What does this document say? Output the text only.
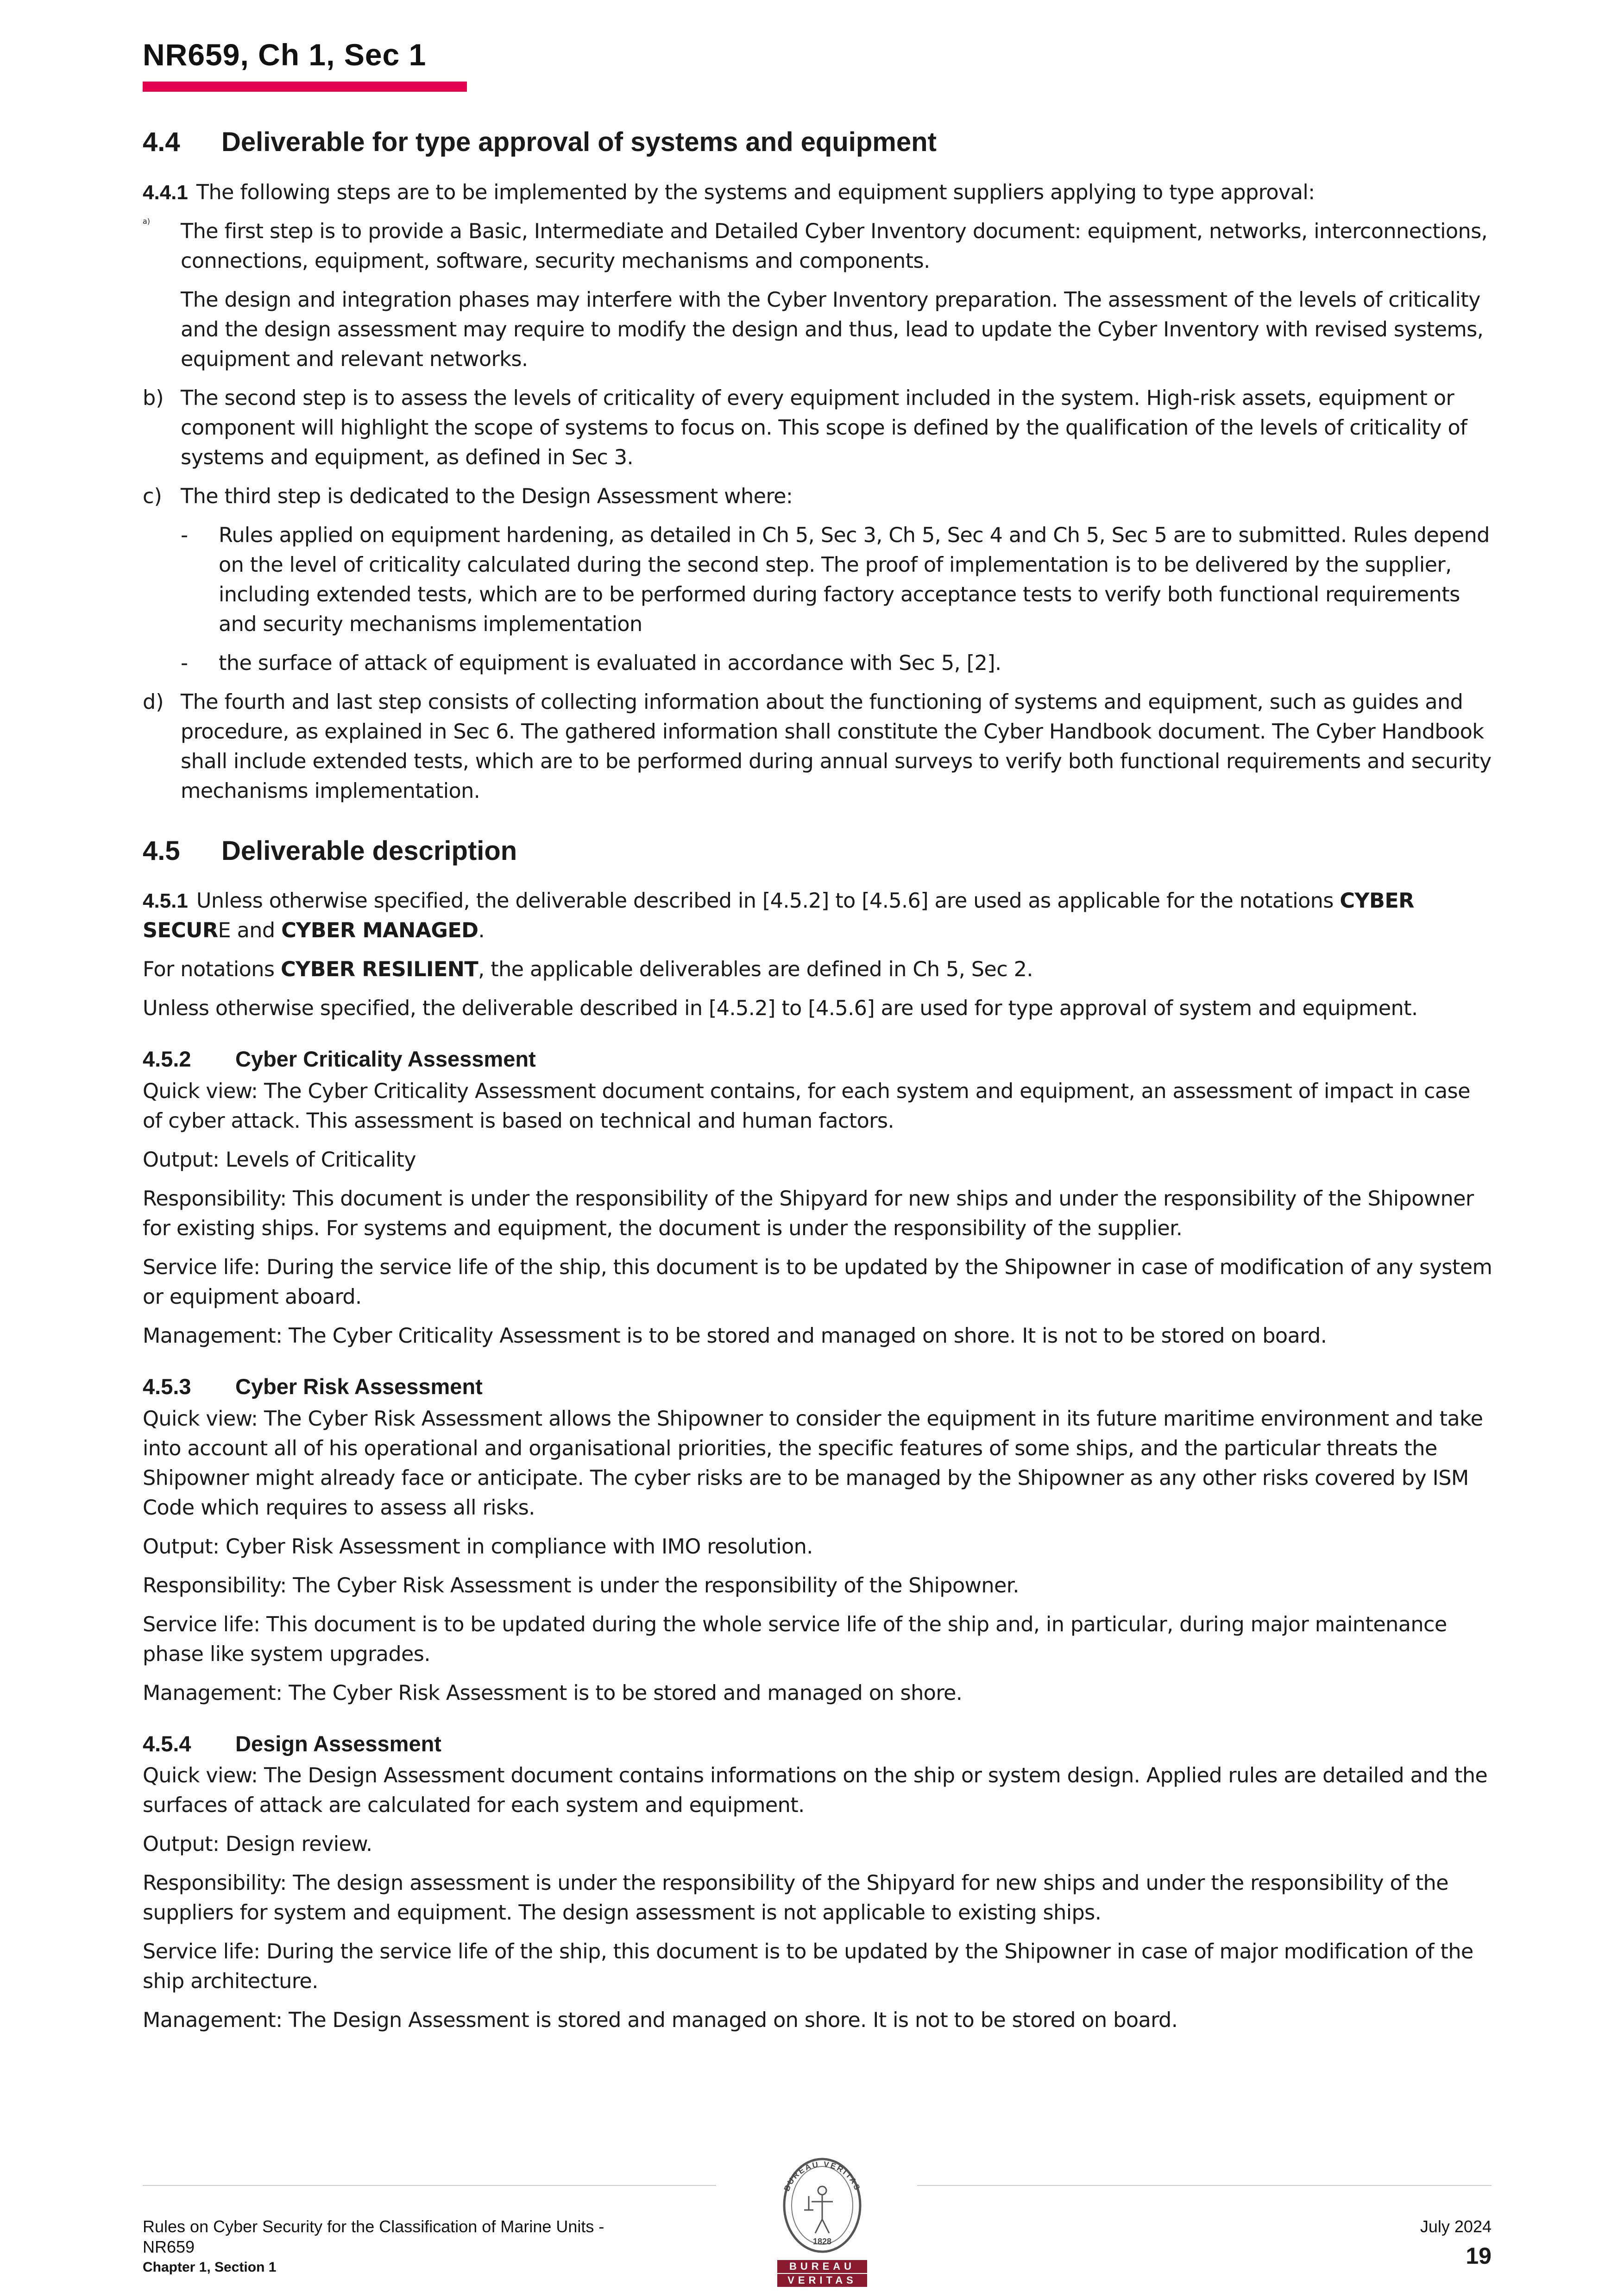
NR659, Ch 1, Sec 1
4.4 Deliverable for type approval of systems and equipment

4.4.1 The following steps are to be implemented by the systems and equipment suppliers applying to type approval:

a) The first step is to provide a Basic, Intermediate and Detailed Cyber Inventory document: equipment, networks, interconnections, connections, equipment, software, security mechanisms and components.

The design and integration phases may interfere with the Cyber Inventory preparation. The assessment of the levels of criticality and the design assessment may require to modify the design and thus, lead to update the Cyber Inventory with revised systems, equipment and relevant networks.

b) The second step is to assess the levels of criticality of every equipment included in the system. High-risk assets, equipment or component will highlight the scope of systems to focus on. This scope is defined by the qualification of the levels of criticality of systems and equipment, as defined in Sec 3.

c) The third step is dedicated to the Design Assessment where:

- Rules applied on equipment hardening, as detailed in Ch 5, Sec 3, Ch 5, Sec 4 and Ch 5, Sec 5 are to submitted. Rules depend on the level of criticality calculated during the second step. The proof of implementation is to be delivered by the supplier, including extended tests, which are to be performed during factory acceptance tests to verify both functional requirements and security mechanisms implementation

- the surface of attack of equipment is evaluated in accordance with Sec 5, [2].

d) The fourth and last step consists of collecting information about the functioning of systems and equipment, such as guides and procedure, as explained in Sec 6. The gathered information shall constitute the Cyber Handbook document. The Cyber Handbook shall include extended tests, which are to be performed during annual surveys to verify both functional requirements and security mechanisms implementation.

4.5 Deliverable description

4.5.1 Unless otherwise specified, the deliverable described in [4.5.2] to [4.5.6] are used as applicable for the notations CYBER SECURE and CYBER MANAGED.

For notations CYBER RESILIENT, the applicable deliverables are defined in Ch 5, Sec 2.

Unless otherwise specified, the deliverable described in [4.5.2] to [4.5.6] are used for type approval of system and equipment.

4.5.2 Cyber Criticality Assessment

Quick view: The Cyber Criticality Assessment document contains, for each system and equipment, an assessment of impact in case of cyber attack. This assessment is based on technical and human factors.

Output: Levels of Criticality

Responsibility: This document is under the responsibility of the Shipyard for new ships and under the responsibility of the Shipowner for existing ships. For systems and equipment, the document is under the responsibility of the supplier.

Service life: During the service life of the ship, this document is to be updated by the Shipowner in case of modification of any system or equipment aboard.

Management: The Cyber Criticality Assessment is to be stored and managed on shore. It is not to be stored on board.

4.5.3 Cyber Risk Assessment

Quick view: The Cyber Risk Assessment allows the Shipowner to consider the equipment in its future maritime environment and take into account all of his operational and organisational priorities, the specific features of some ships, and the particular threats the Shipowner might already face or anticipate. The cyber risks are to be managed by the Shipowner as any other risks covered by ISM Code which requires to assess all risks.

Output: Cyber Risk Assessment in compliance with IMO resolution.

Responsibility: The Cyber Risk Assessment is under the responsibility of the Shipowner.

Service life: This document is to be updated during the whole service life of the ship and, in particular, during major maintenance phase like system upgrades.

Management: The Cyber Risk Assessment is to be stored and managed on shore.

4.5.4 Design Assessment

Quick view: The Design Assessment document contains informations on the ship or system design. Applied rules are detailed and the surfaces of attack are calculated for each system and equipment.

Output: Design review.

Responsibility: The design assessment is under the responsibility of the Shipyard for new ships and under the responsibility of the suppliers for system and equipment. The design assessment is not applicable to existing ships.

Service life: During the service life of the ship, this document is to be updated by the Shipowner in case of major modification of the ship architecture.

Management: The Design Assessment is stored and managed on shore. It is not to be stored on board.

Rules on Cyber Security for the Classification of Marine Units -
NR659
Chapter 1, Section 1
July 2024
19
BUREAU VERITAS
1828
BUREAU
VERITAS
